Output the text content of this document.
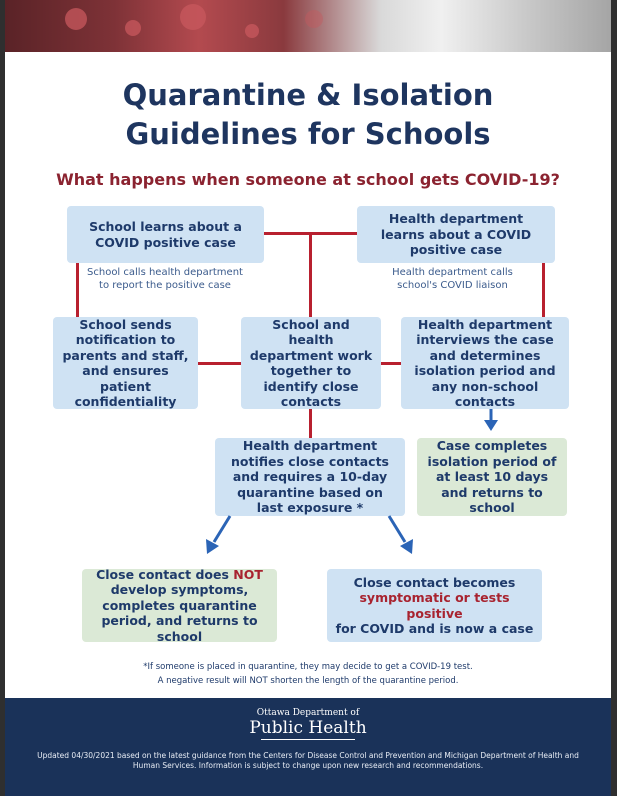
Quarantine & Isolation
Guidelines for Schools
What happens when someone at school gets COVID-19?
School learns about a COVID positive case
Health department learns about a COVID positive case
School calls health department to report the positive case
Health department calls school's COVID liaison
School sends notification to parents and staff, and ensures patient confidentiality
School and health department work together to identify close contacts
Health department interviews the case and determines isolation period and any non-school contacts
Health department notifies close contacts and requires a 10-day quarantine based on last exposure *
Case completes isolation period of at least 10 days and returns to school
Close contact does NOT develop symptoms, completes quarantine period, and returns to school
Close contact becomes
symptomatic or tests positive
for COVID and is now a case
*If someone is placed in quarantine, they may decide to get a COVID-19 test.
A negative result will NOT shorten the length of the quarantine period.
Ottawa Department of
Public Health
Updated 04/30/2021 based on the latest guidance from the Centers for Disease Control and Prevention and Michigan Department of Health and Human Services. Information is subject to change upon new research and recommendations.
